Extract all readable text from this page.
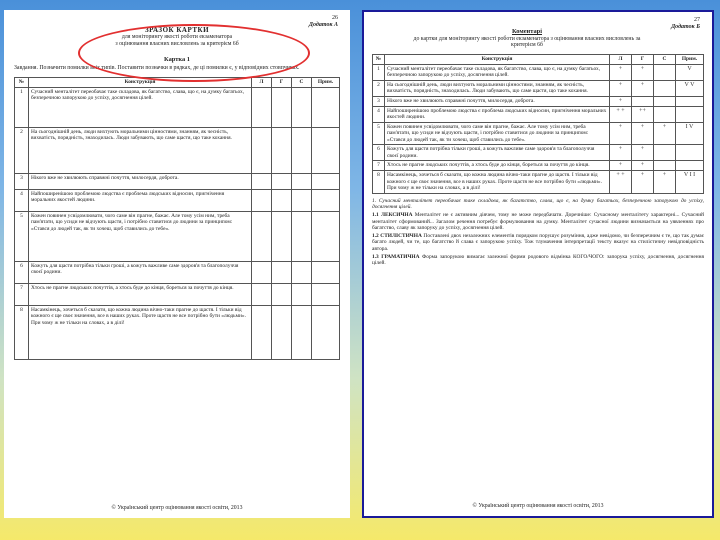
26
Додаток А
ЗРАЗОК КАРТКИ
для моніторингу якості роботи екзаменатора
з оцінювання власних висловлень за критерієм 6б
Картка 1
Завдання. Позначити помилки всіх типів. Поставити позначки в рядках, де ці помилки є, у відповідних стовпчиках.
№	Конструкція	Л	Г	С	Прим.
1	Сучасний менталітет переобачає таке складова, як багатство, слава, що є, на думку багатьох, безперечною запорукою до успіху, досягнення цілей.				
2	На сьогоднішній день, люди вихтують моральними цінностями, знанням, як чесність, вихватість, порядність, знаходилась. Люди забувають, що саме щастя, що таке кохання.				
3	Нікого вже не хвилюють справжні почуття, милосердя, доброта.				
4	Найпоширенішою проблемою людства є проблема людських відносин, пригнічення моральних якостей людини.				
5	Кожен повинен усвідомлювати, чого саме він прагне, бажає. Але тому усім ним, треба пам'ятати, що усиди не відчують щастя, і потрібно ставитися до людини за принципом: «Стався до людей так, як ти хочеш, щоб ставились до тебе».				
6	Кожуть для щастя потрібна тільки гроші, а кожуть важливе саме здоров'я та благополуччя своєї родини.				
7	Хтось не прагне людських почуттів, а хтось буде до кінця, бореться за почуття до кінця.				
8	Насамкінець, хочеться б сказати, що кожна людина вічно-таки прагне до щастя. І тільки від кожного є ще своє значення, все в наших руках. Проте щастя не все потрібно бути «людьми». При чому ж не тільки на словах, а в ділі!				
© Український центр оцінювання якості освіти, 2013
27
Додаток Б
Коментарі
до картки для моніторингу якості роботи екзаменатора з оцінювання власних висловлень за критерієм 6б
№	Конструкція	Л	Г	С	Прим.
1	Сучасний менталітет переобачає таке складова, як багатство, слава, що є, на думку багатьох, безперечною запорукою до успіху, досягнення цілей.	+	+		V
2	На сьогоднішній день, люди вихтують моральними цінностями, знанням, як чесність, вихватість, порядність, знаходилась. Люди забувають, що саме щастя, що таке кохання.	+	+		V V
3	Нікого вже не хвилюють справжні почуття, милосердя, доброта.	+			
4	Найпоширенішою проблемою людства є проблема людських відносин, пригнічення моральних якостей людини.	+ +	++		
5	Кожен повинен усвідомлювати, чого саме він прагне, бажає. Але тому усім ним, треба пам'ятати, що усиди не відчують щастя, і потрібно ставитися до людини за принципом: «Стався до людей так, як ти хочеш, щоб ставились до тебе».	+	+	+	I V
6	Кожуть для щастя потрібна тільки гроші, а кожуть важливе саме здоров'я та благополуччя своєї родини.	+	+		
7	Хтось не прагне людських почуттів, а хтось буде до кінця, бореться за почуття до кінця.	+	+		
8	Насамкінець, хочеться б сказати, що кожна людина вічно-таки прагне до щастя. І тільки від кожного є ще своє значення, все в наших руках. Проте щастя не все потрібно бути «людьми». При чому ж не тільки на словах, а в ділі!	+ +	+	+	V I I

1. Сучасний менталітет переобачає таке складова, як багатство, слава, що є, на думку багатьох, безперечною запорукою до успіху, досягнення цілей.

1.1 ЛЕКСИЧНА Менталітет не є активним діячем, тому не може передбачати. Доречніше: Сучасному менталітету характерні... Сучасний менталітет сформований... Загалом речення потребує формулювання на думку. Менталітет сучасної людини визначається на уявленнях про багатство, славу як запоруку до успіху, досягнення цілей.

1.2 СТИЛІСТИЧНА Поставлені двох незалежних елементів порядком порушує розуміння, адже невідомо, чи безперечним є те, що так думає багато людей, чи те, що багатство й слава є запорукою успіху. Тож тлумачення інтерпретації тексту вказує на стилістичну невідповідність автора.

1.3 ГРАМАТИЧНА Форма запорукою вимагає залежної форми родового відмінка КОГО/ЧОГО: запорука успіху, досягнення, досягнення цілей.

© Український центр оцінювання якості освіти, 2013
